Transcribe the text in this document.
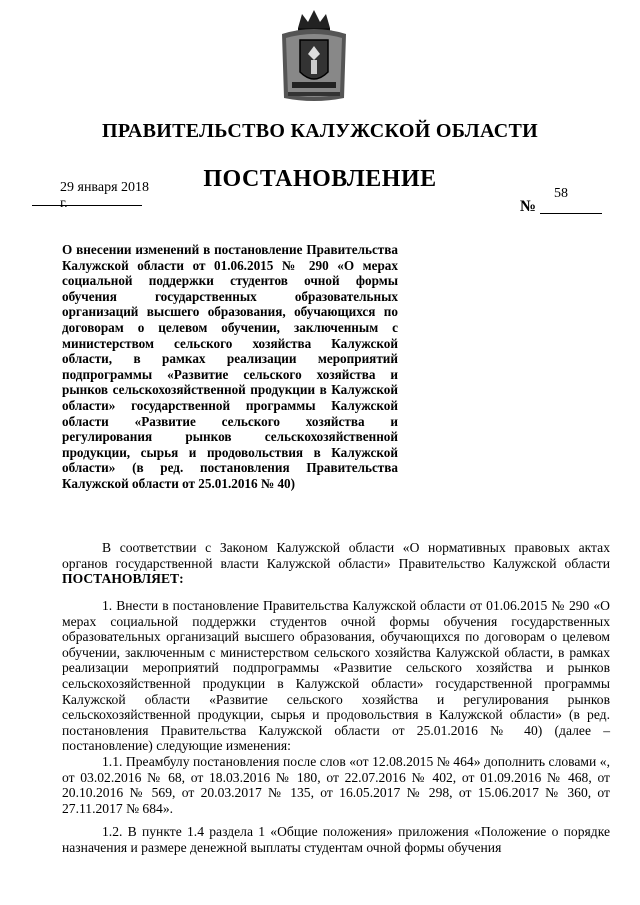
ПРАВИТЕЛЬСТВО КАЛУЖСКОЙ ОБЛАСТИ
29 января 2018 г.
ПОСТАНОВЛЕНИЕ
58
№
О внесении изменений в постановление Правительства Калужской области от 01.06.2015 № 290 «О мерах социальной поддержки студентов очной формы обучения государственных образовательных организаций высшего образования, обучающихся по договорам о целевом обучении, заключенным с министерством сельского хозяйства Калужской области, в рамках реализации мероприятий подпрограммы «Развитие сельского хозяйства и рынков сельскохозяйственной продукции в Калужской области» государственной программы Калужской области «Развитие сельского хозяйства и регулирования рынков сельскохозяйственной продукции, сырья и продовольствия в Калужской области» (в ред. постановления Правительства Калужской области от 25.01.2016 № 40)

В соответствии с Законом Калужской области «О нормативных правовых актах органов государственной власти Калужской области» Правительство Калужской области ПОСТАНОВЛЯЕТ:

1. Внести в постановление Правительства Калужской области от 01.06.2015 № 290 «О мерах социальной поддержки студентов очной формы обучения государственных образовательных организаций высшего образования, обучающихся по договорам о целевом обучении, заключенным с министерством сельского хозяйства Калужской области, в рамках реализации мероприятий подпрограммы «Развитие сельского хозяйства и рынков сельскохозяйственной продукции в Калужской области» государственной программы Калужской области «Развитие сельского хозяйства и регулирования рынков сельскохозяйственной продукции, сырья и продовольствия в Калужской области» (в ред. постановления Правительства Калужской области от 25.01.2016 № 40) (далее – постановление) следующие изменения:

1.1. Преамбулу постановления после слов «от 12.08.2015 № 464» дополнить словами «, от 03.02.2016 № 68, от 18.03.2016 № 180, от 22.07.2016 № 402, от 01.09.2016 № 468, от 20.10.2016 № 569, от 20.03.2017 № 135, от 16.05.2017 № 298, от 15.06.2017 № 360, от 27.11.2017 № 684».

1.2. В пункте 1.4 раздела 1 «Общие положения» приложения «Положение о порядке назначения и размере денежной выплаты студентам очной формы обучения
